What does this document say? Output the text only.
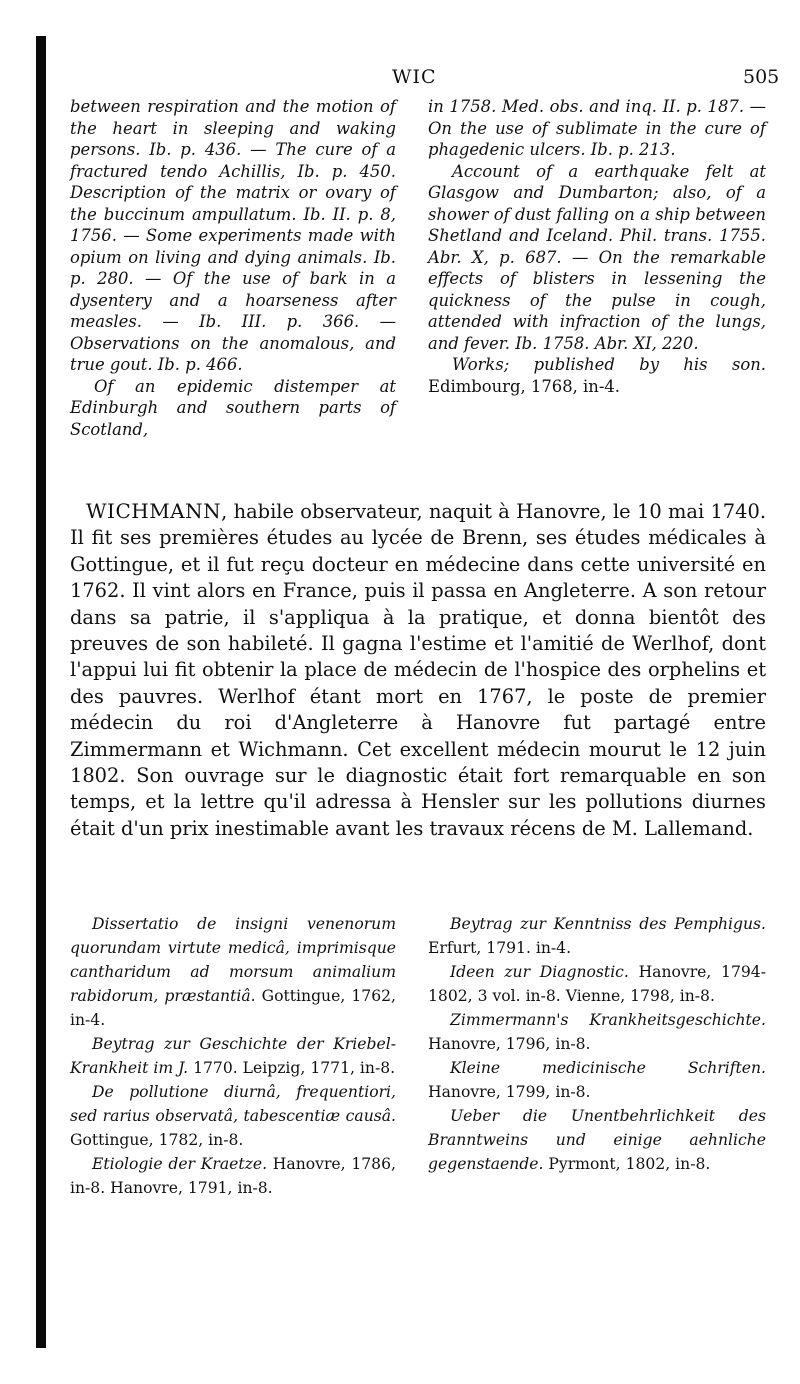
WIC	505

between respiration and the motion of the heart in sleeping and waking persons. Ib. p. 436. — The cure of a fractured tendo Achillis, Ib. p. 450. Description of the matrix or ovary of the buccinum ampullatum. Ib. II. p. 8, 1756. — Some experiments made with opium on living and dying animals. Ib. p. 280. — Of the use of bark in a dysentery and a hoarseness after measles. — Ib. III. p. 366. — Observations on the anomalous, and true gout. Ib. p. 466.

Of an epidemic distemper at Edinburgh and southern parts of Scotland,

in 1758. Med. obs. and inq. II. p. 187. — On the use of sublimate in the cure of phagedenic ulcers. Ib. p. 213.

Account of a earthquake felt at Glasgow and Dumbarton; also, of a shower of dust falling on a ship between Shetland and Iceland. Phil. trans. 1755. Abr. X, p. 687. — On the remarkable effects of blisters in lessening the quickness of the pulse in cough, attended with infraction of the lungs, and fever. Ib. 1758. Abr. XI, 220.

Works; published by his son. Edimbourg, 1768, in-4.

WICHMANN, habile observateur, naquit à Hanovre, le 10 mai 1740. Il fit ses premières études au lycée de Brenn, ses études médicales à Gottingue, et il fut reçu docteur en médecine dans cette université en 1762. Il vint alors en France, puis il passa en Angleterre. A son retour dans sa patrie, il s'appliqua à la pratique, et donna bientôt des preuves de son habileté. Il gagna l'estime et l'amitié de Werlhof, dont l'appui lui fit obtenir la place de médecin de l'hospice des orphelins et des pauvres. Werlhof étant mort en 1767, le poste de premier médecin du roi d'Angleterre à Hanovre fut partagé entre Zimmermann et Wichmann. Cet excellent médecin mourut le 12 juin 1802. Son ouvrage sur le diagnostic était fort remarquable en son temps, et la lettre qu'il adressa à Hensler sur les pollutions diurnes était d'un prix inestimable avant les travaux récens de M. Lallemand.

Dissertatio de insigni venenorum quorundam virtute medicâ, imprimisque cantharidum ad morsum animalium rabidorum, præstantiâ. Gottingue, 1762, in-4.

Beytrag zur Geschichte der Kriebel-Krankheit im J. 1770. Leipzig, 1771, in-8.

De pollutione diurnâ, frequentiori, sed rarius observatâ, tabescentiæ causâ. Gottingue, 1782, in-8.

Etiologie der Kraetze. Hanovre, 1786, in-8. Hanovre, 1791, in-8.

Beytrag zur Kenntniss des Pemphigus. Erfurt, 1791. in-4.

Ideen zur Diagnostic. Hanovre, 1794-1802, 3 vol. in-8. Vienne, 1798, in-8.

Zimmermann's Krankheitsgeschichte. Hanovre, 1796, in-8.

Kleine medicinische Schriften. Hanovre, 1799, in-8.

Ueber die Unentbehrlichkeit des Branntweins und einige aehnliche gegenstaende. Pyrmont, 1802, in-8.
